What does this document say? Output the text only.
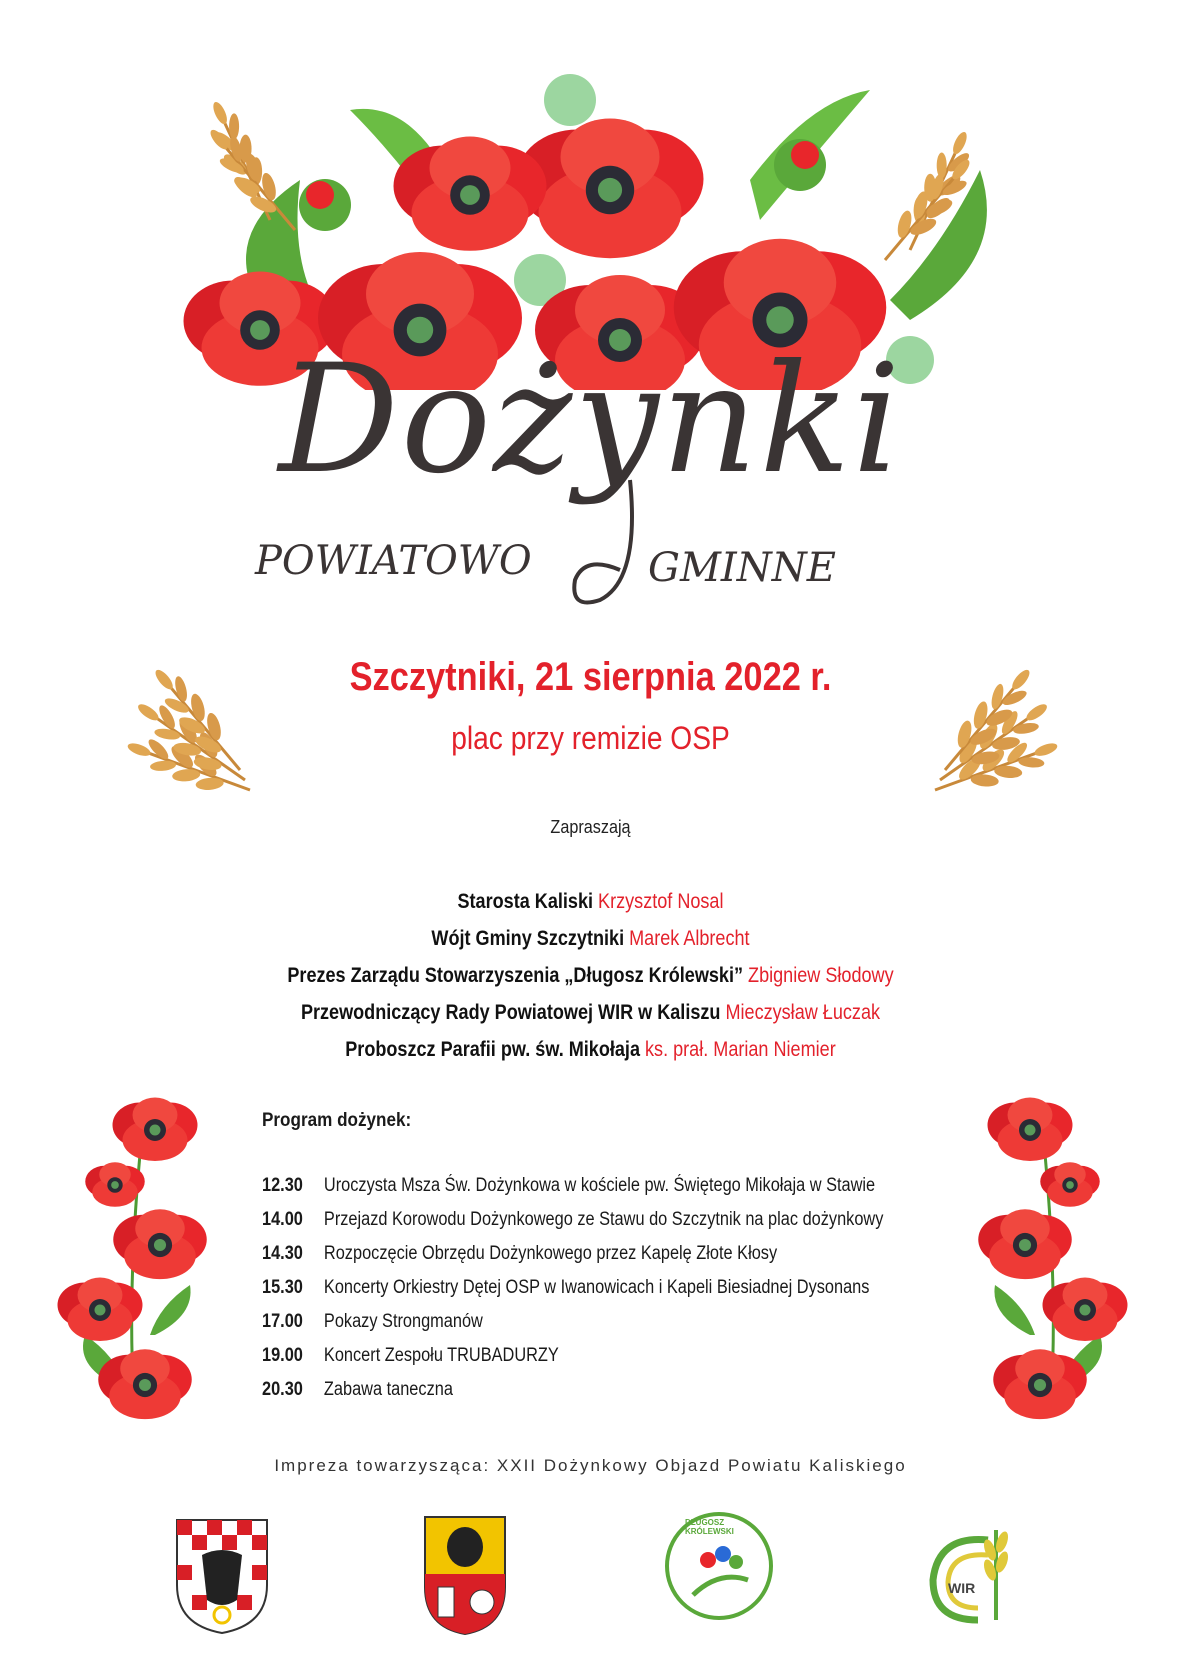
Dożynki
POWIATOWO	GMINNE
Szczytniki, 21 sierpnia 2022 r.
plac przy remizie OSP
Zapraszają
Starosta Kaliski Krzysztof Nosal
Wójt Gminy Szczytniki Marek Albrecht
Prezes Zarządu Stowarzyszenia „Długosz Królewski” Zbigniew Słodowy
Przewodniczący Rady Powiatowej WIR w Kaliszu Mieczysław Łuczak
Proboszcz Parafii pw. św. Mikołaja ks. prał. Marian Niemier
Program dożynek:
12.30 Uroczysta Msza Św. Dożynkowa w kościele pw. Świętego Mikołaja w Stawie
14.00 Przejazd Korowodu Dożynkowego ze Stawu do Szczytnik na plac dożynkowy
14.30 Rozpoczęcie Obrzędu Dożynkowego przez Kapelę Złote Kłosy
15.30 Koncerty Orkiestry Dętej OSP w Iwanowicach i Kapeli Biesiadnej Dysonans
17.00 Pokazy Strongmanów
19.00 Koncert Zespołu TRUBADURZY
20.30 Zabawa taneczna
Impreza towarzysząca: XXII Dożynkowy Objazd Powiatu Kaliskiego
DŁUGOSZ KRÓLEWSKI
WIR
